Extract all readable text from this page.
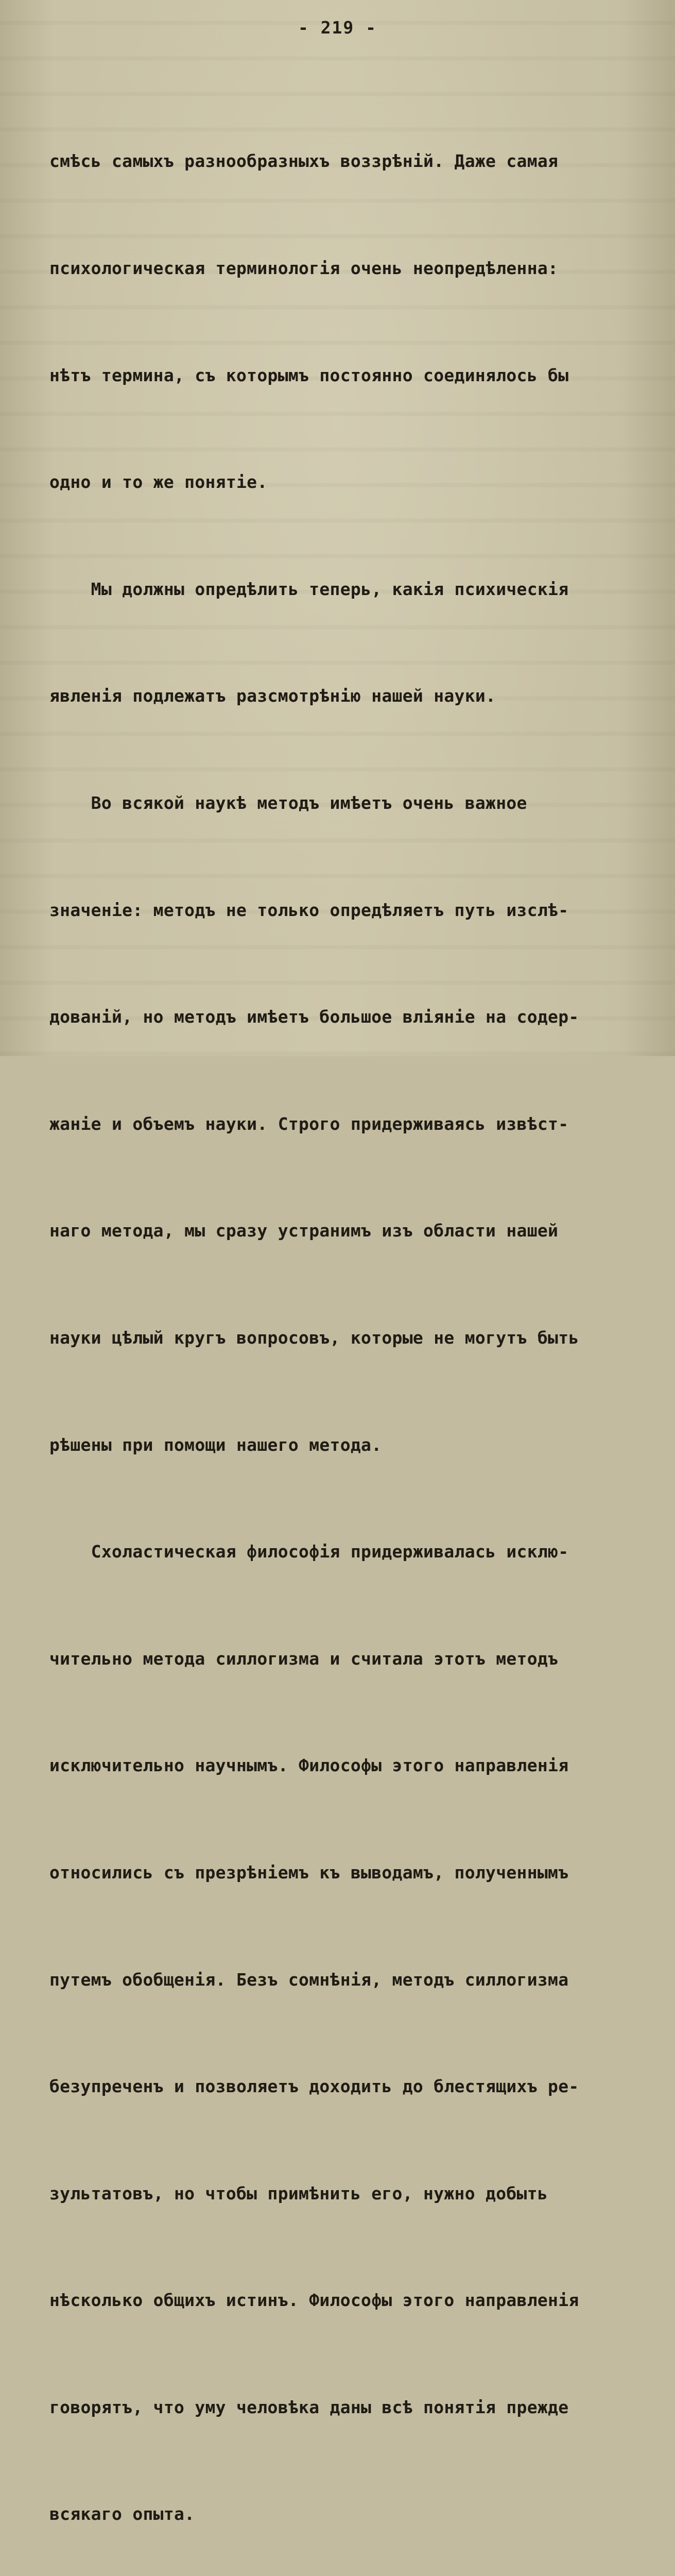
- 219 -

смѣсь самыхъ разнообразныхъ воззрѣній. Даже самая

психологическая терминологія очень неопредѣленна:

нѣтъ термина, съ которымъ постоянно соединялось бы

одно и то же понятіе.

Мы должны опредѣлить теперь, какія психическія

явленія подлежатъ разсмотрѣнію нашей науки.

Во всякой наукѣ методъ имѣетъ очень важное

значеніе: методъ не только опредѣляетъ путь изслѣ-

дованій, но методъ имѣетъ большое вліяніе на содер-

жаніе и объемъ науки. Строго придерживаясь извѣст-

наго метода, мы сразу устранимъ изъ области нашей

науки цѣлый кругъ вопросовъ, которые не могутъ быть

рѣшены при помощи нашего метода.

Схоластическая философія придерживалась исклю-

чительно метода силлогизма и считала этотъ методъ

исключительно научнымъ. Философы этого направленія

относились съ презрѣніемъ къ выводамъ, полученнымъ

путемъ обобщенія. Безъ сомнѣнія, методъ силлогизма

безупреченъ и позволяетъ доходить до блестящихъ ре-

зультатовъ, но чтобы примѣнить его, нужно добыть

нѣсколько общихъ истинъ. Философы этого направленія

говорятъ, что уму человѣка даны всѣ понятія прежде

всякаго опыта.
